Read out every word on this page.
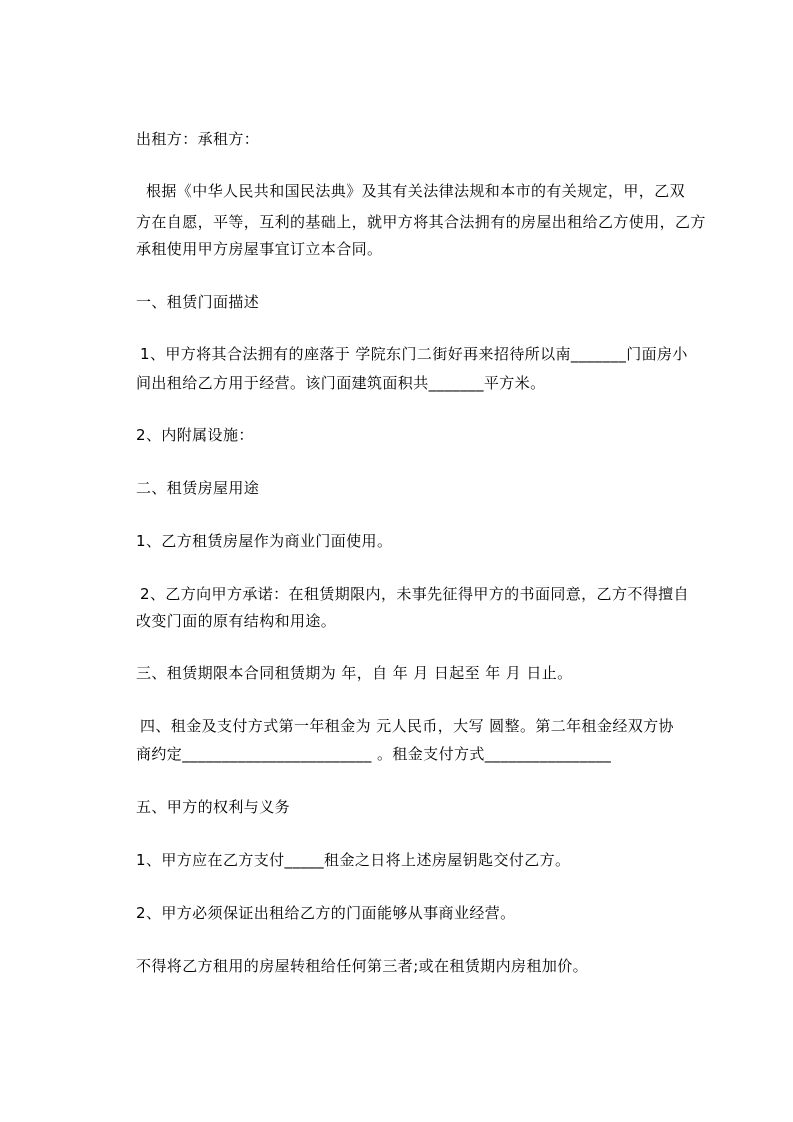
出租方：承租方：
根据《中华人民共和国民法典》及其有关法律法规和本市的有关规定，甲，乙双
方在自愿，平等，互利的基础上，就甲方将其合法拥有的房屋出租给乙方使用，乙方
承租使用甲方房屋事宜订立本合同。
一、租赁门面描述
1、甲方将其合法拥有的座落于 学院东门二街好再来招待所以南_______门面房小
间出租给乙方用于经营。该门面建筑面积共_______平方米。
2、内附属设施：
二、租赁房屋用途
1、乙方租赁房屋作为商业门面使用。
2、乙方向甲方承诺：在租赁期限内，未事先征得甲方的书面同意，乙方不得擅自
改变门面的原有结构和用途。
三、租赁期限本合同租赁期为 年，自 年 月 日起至 年 月 日止。
四、租金及支付方式第一年租金为 元人民币，大写 圆整。第二年租金经双方协
商约定________________________ 。租金支付方式________________
五、甲方的权利与义务
1、甲方应在乙方支付_____租金之日将上述房屋钥匙交付乙方。
2、甲方必须保证出租给乙方的门面能够从事商业经营。
不得将乙方租用的房屋转租给任何第三者;或在租赁期内房租加价。
